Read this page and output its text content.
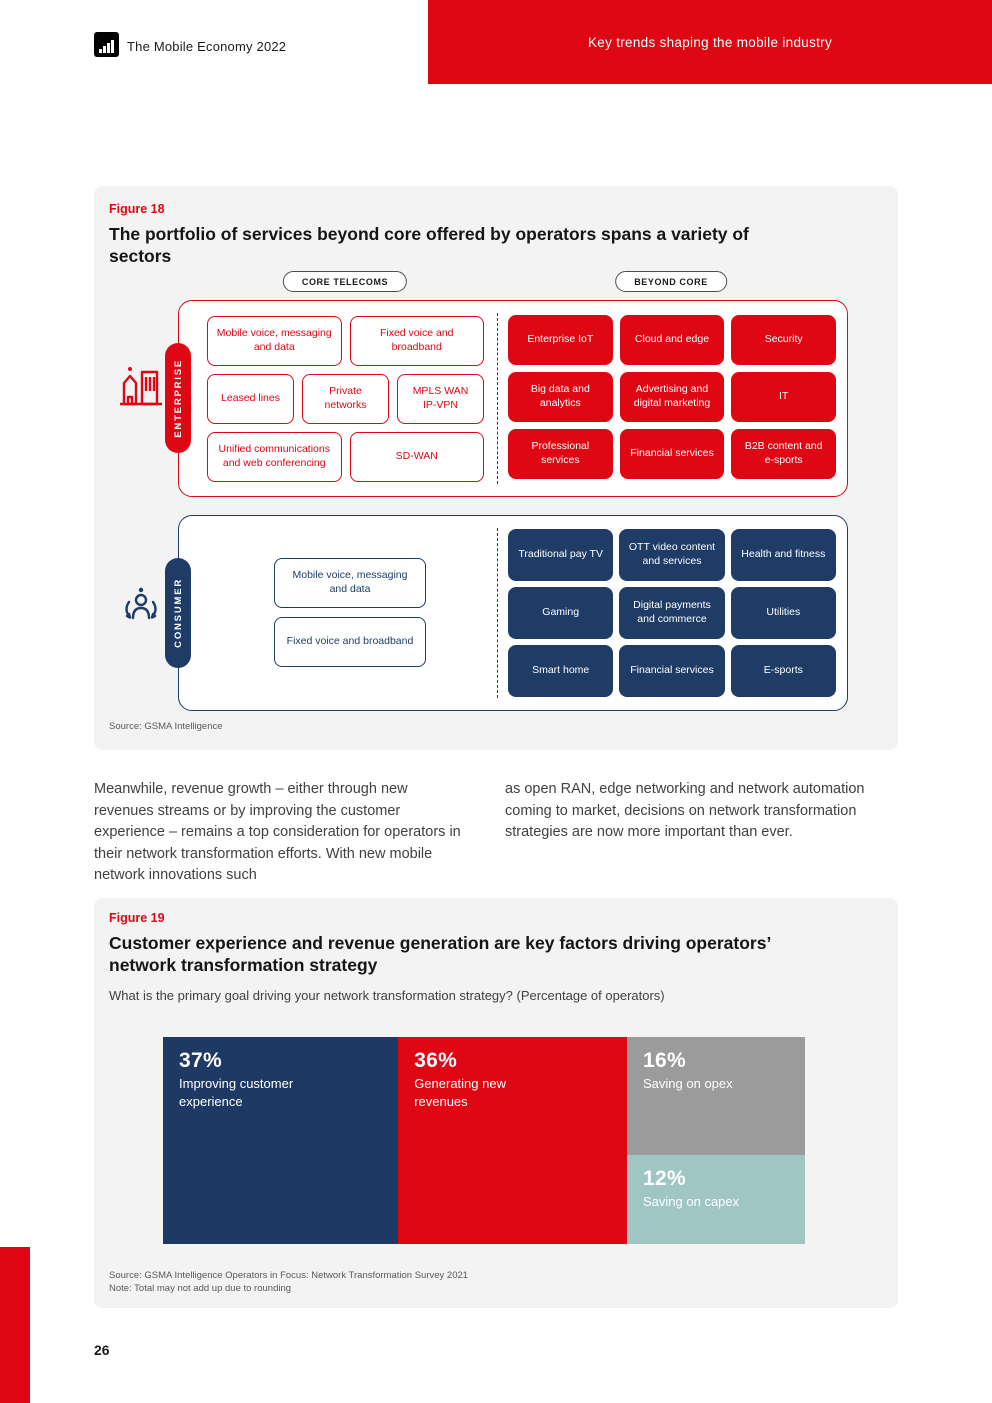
The Mobile Economy 2022	Key trends shaping the mobile industry
Figure 18
The portfolio of services beyond core offered by operators spans a variety of sectors
CORE TELECOMS	BEYOND CORE
Mobile voice, messaging and data
Fixed voice and broadband
Leased lines
Private networks
MPLS WAN IP-VPN
Unified communications and web conferencing
SD-WAN
Enterprise IoT	Cloud and edge	Security
Big data and analytics
Advertising and digital marketing
IT
Professional services
Financial services
B2B content and e-sports
ENTERPRISE
Mobile voice, messaging and data
Fixed voice and broadband
Traditional pay TV
OTT video content and services
Health and fitness
Gaming
Digital payments and commerce
Utilities
Smart home	Financial services	E-sports
CONSUMER
Source: GSMA Intelligence
Meanwhile, revenue growth – either through new revenues streams or by improving the customer experience – remains a top consideration for operators in their network transformation efforts. With new mobile network innovations such
as open RAN, edge networking and network automation coming to market, decisions on network transformation strategies are now more important than ever.
Figure 19
Customer experience and revenue generation are key factors driving operators’ network transformation strategy
What is the primary goal driving your network transformation strategy? (Percentage of operators)
37%
Improving customer experience
36%
Generating new revenues
16%
Saving on opex
12%
Saving on capex
Source: GSMA Intelligence Operators in Focus: Network Transformation Survey 2021
Note: Total may not add up due to rounding
26
